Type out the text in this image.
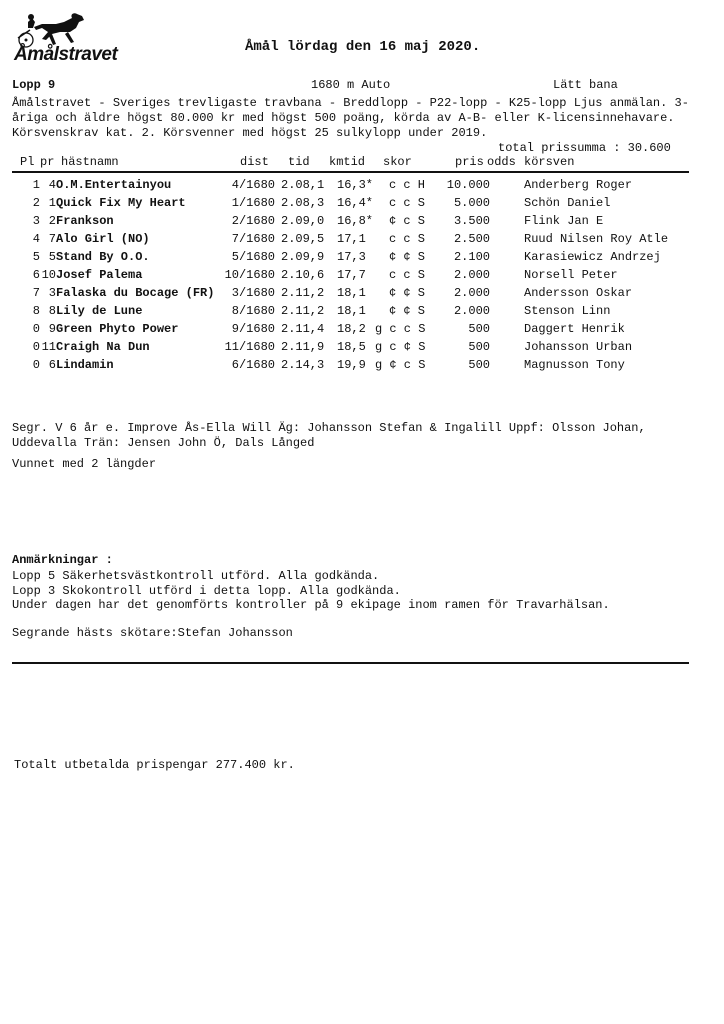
Åmålstravet	Åmål lördag den 16 maj 2020.
Lopp 9	1680 m Auto	Lätt bana
Åmålstravet - Sveriges trevligaste travbana - Breddlopp - P22-lopp - K25-lopp Ljus anmälan. 3-åriga och äldre högst 80.000 kr med högst 500 poäng, körda av A-B- eller K-licensinnehavare. Körsvenskrav kat. 2. Körsvenner med högst 25 sulkylopp under 2019.
total prissumma : 30.600
Pl pr hästnamn	dist tid kmtid skor	pris odds körsven
1 4 O.M.Entertainyou	4/1680 2.08,1 16,3*	c c H	10.000	Anderberg Roger
2 1 Quick Fix My Heart	1/1680 2.08,3 16,4*	c c S	5.000	Schön Daniel
3 2 Frankson	2/1680 2.09,0 16,8*	¢ c S	3.500	Flink Jan E
4 7 Alo Girl (NO)	7/1680 2.09,5 17,1	c c S	2.500	Ruud Nilsen Roy Atle
5 5 Stand By O.O.	5/1680 2.09,9 17,3	¢ ¢ S	2.100	Karasiewicz Andrzej
6 10 Josef Palema	10/1680 2.10,6 17,7	c c S	2.000	Norsell Peter
7 3 Falaska du Bocage (FR)	3/1680 2.11,2 18,1	¢ ¢ S	2.000	Andersson Oskar
8 8 Lily de Lune	8/1680 2.11,2 18,1	¢ ¢ S	2.000	Stenson Linn
0 9 Green Phyto Power	9/1680 2.11,4 18,2 g c c S	500	Daggert Henrik
0 11 Craigh Na Dun	11/1680 2.11,9 18,5 g c ¢ S	500	Johansson Urban
0 6 Lindamin	6/1680 2.14,3 19,9 g ¢ c S	500	Magnusson Tony
Segr. V 6 år e. Improve Ås-Ella Will Äg: Johansson Stefan & Ingalill Uppf: Olsson Johan, Uddevalla Trän: Jensen John Ö, Dals Långed
Vunnet med 2 längder
Anmärkningar :
Lopp 5 Säkerhetsvästkontroll utförd. Alla godkända.
Lopp 3 Skokontroll utförd i detta lopp. Alla godkända.
Under dagen har det genomförts kontroller på 9 ekipage inom ramen för Travarhälsan.
Segrande hästs skötare:Stefan Johansson
Totalt utbetalda prispengar 277.400 kr.
